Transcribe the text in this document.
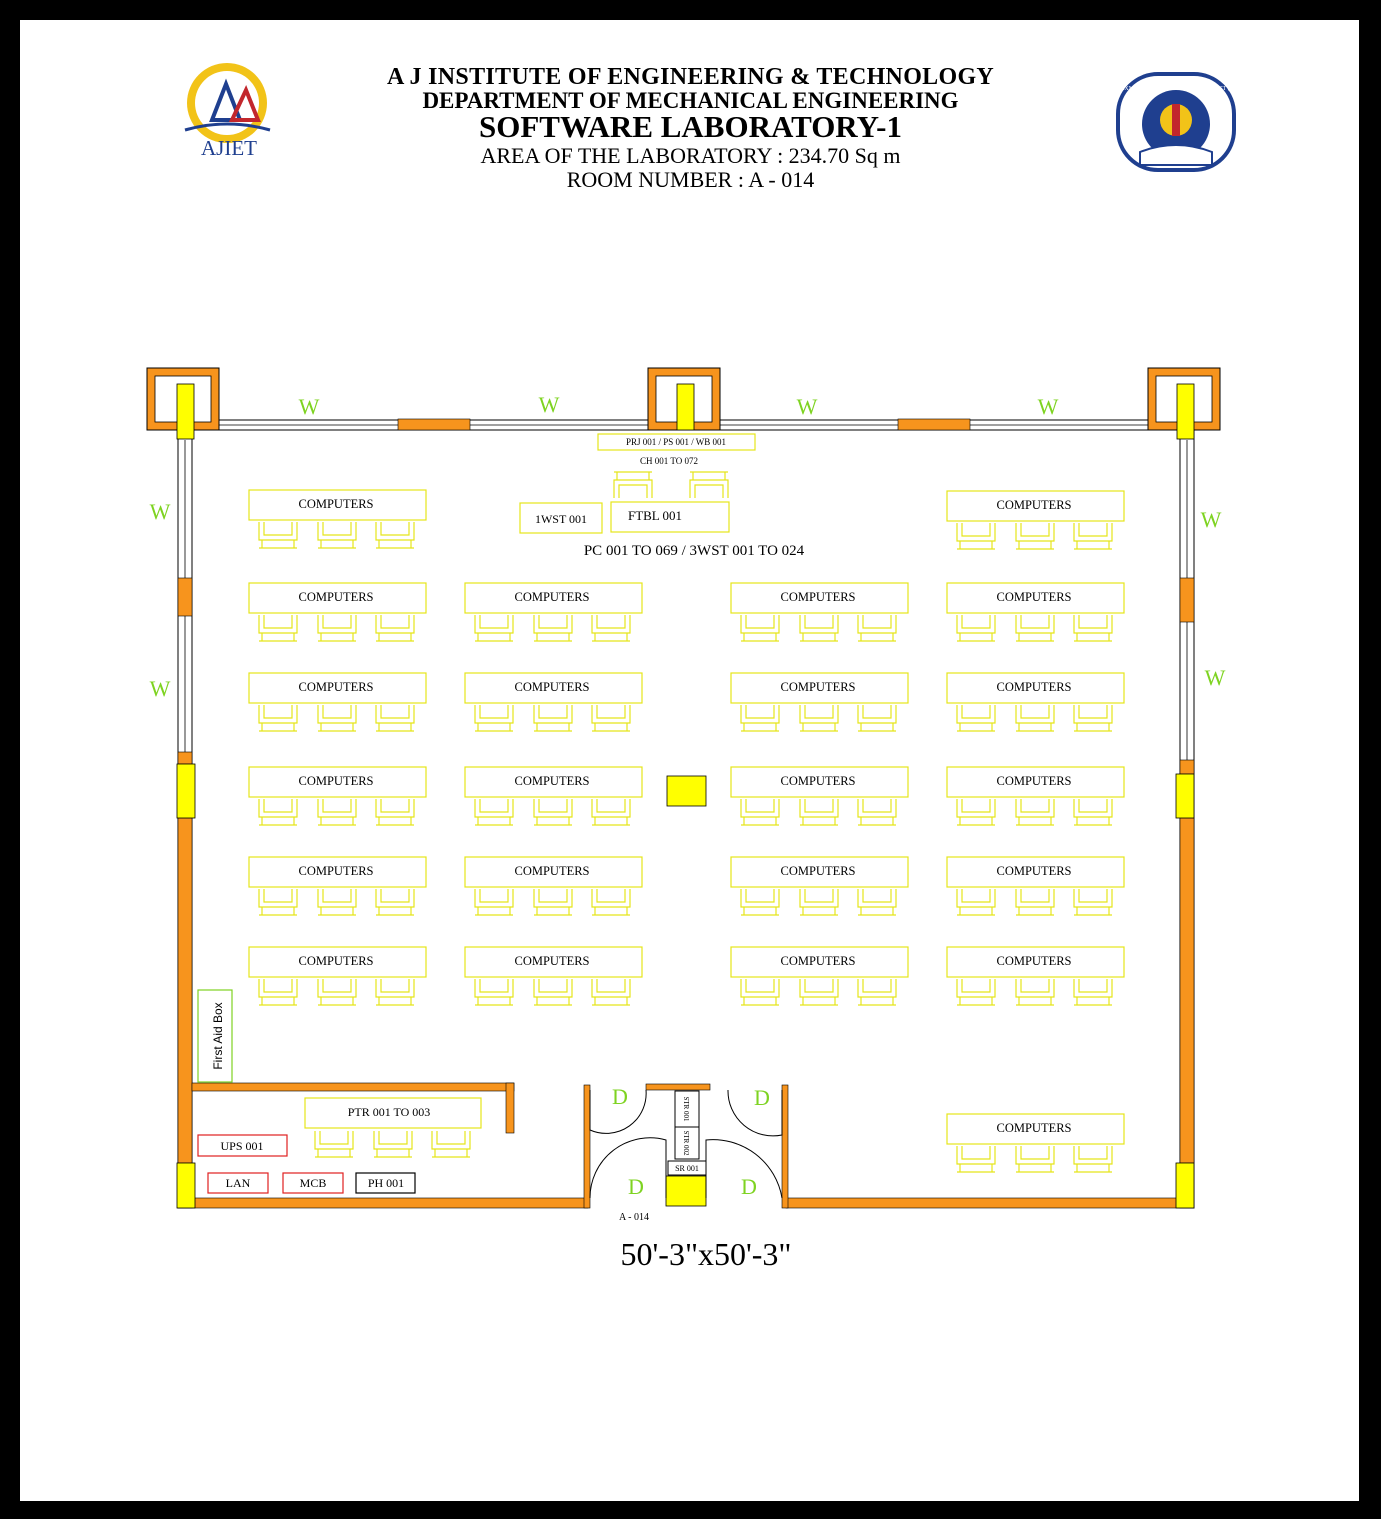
A J INSTITUTE OF ENGINEERING & TECHNOLOGY
DEPARTMENT OF MECHANICAL ENGINEERING
SOFTWARE LABORATORY-1
AREA OF THE LABORATORY : 234.70 Sq m
ROOM NUMBER : A - 014
AJIET
LAXMI MEMORIAL EDUCATION TRUST (R)
W	W	W	W
W
W
W
W
D	D
D	D
PRJ 001 / PS 001 / WB 001
CH 001 TO 072
FTBL 001
1WST 001
PC 001 TO 069 / 3WST 001 TO 024
COMPUTERS	COMPUTERS
COMPUTERS	COMPUTERS	COMPUTERS	COMPUTERS
COMPUTERS	COMPUTERS	COMPUTERS	COMPUTERS
COMPUTERS	COMPUTERS	COMPUTERS	COMPUTERS
COMPUTERS	COMPUTERS	COMPUTERS	COMPUTERS
COMPUTERS	COMPUTERS	COMPUTERS	COMPUTERS
COMPUTERS
First Aid Box
PTR 001 TO 003
UPS 001
LAN	MCB	PH 001
STR 001
STR 002
SR 001
A - 014
50'-3"x50'-3"
